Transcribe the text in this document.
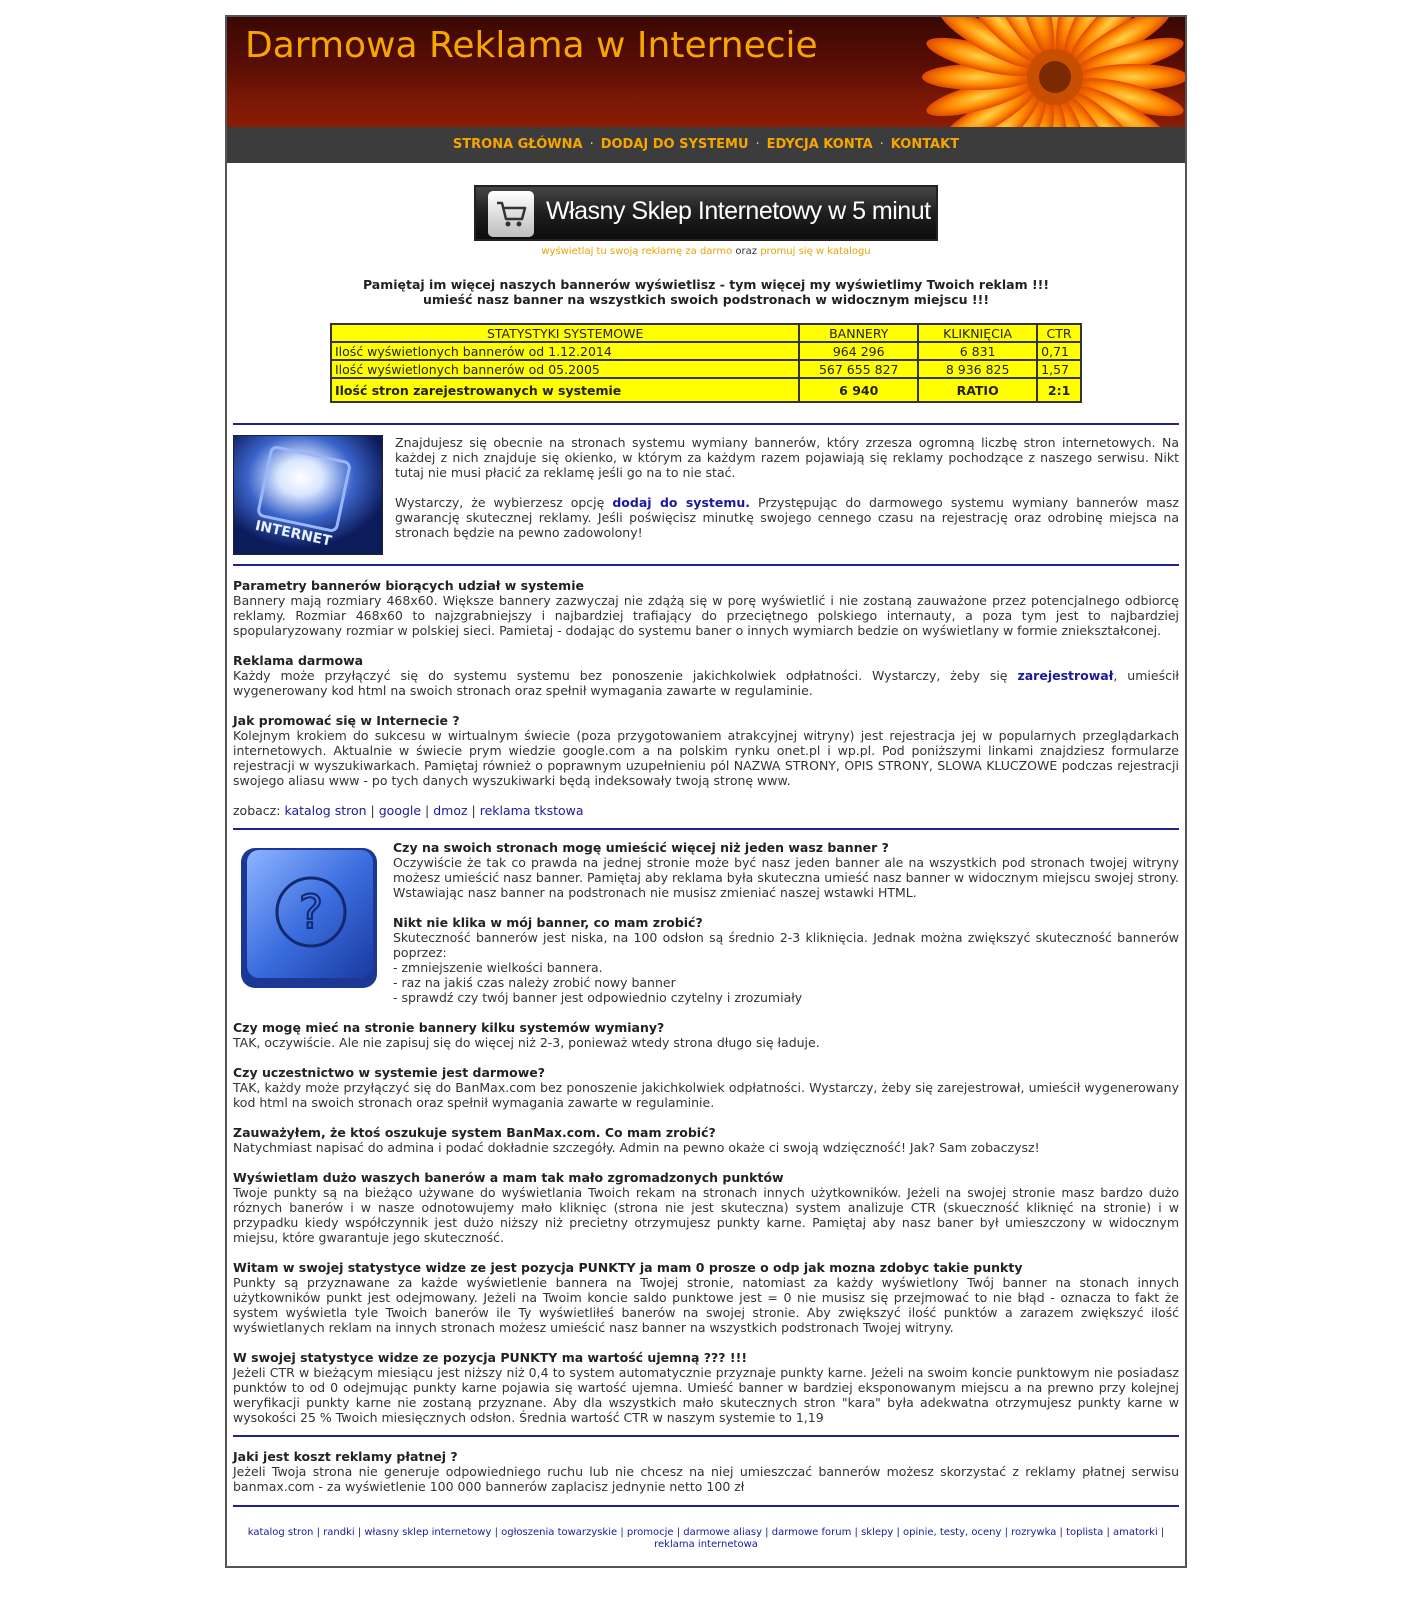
Darmowa Reklama w Internecie
STRONA GŁÓWNA · DODAJ DO SYSTEMU · EDYCJA KONTA · KONTAKT
Własny Sklep Internetowy w 5 minut
wyświetlaj tu swoją reklamę za darmo oraz promuj się w katalogu
Pamiętaj im więcej naszych bannerów wyświetlisz - tym więcej my wyświetlimy Twoich reklam !!!
umieść nasz banner na wszystkich swoich podstronach w widocznym miejscu !!!
STATYSTYKI SYSTEMOWE	BANNERY	KLIKNIĘCIA	CTR
Ilość wyświetlonych bannerów od 1.12.2014	964 296	6 831	0,71
Ilość wyświetlonych bannerów od 05.2005	567 655 827	8 936 825	1,57
Ilość stron zarejestrowanych w systemie	6 940	RATIO	2:1
INTERNET
Znajdujesz się obecnie na stronach systemu wymiany bannerów, który zrzesza ogromną liczbę stron internetowych. Na każdej z nich znajduje się okienko, w którym za każdym razem pojawiają się reklamy pochodzące z naszego serwisu. Nikt tutaj nie musi płacić za reklamę jeśli go na to nie stać.
Wystarczy, że wybierzesz opcję dodaj do systemu. Przystępując do darmowego systemu wymiany bannerów masz gwarancję skutecznej reklamy. Jeśli poświęcisz minutkę swojego cennego czasu na rejestrację oraz odrobinę miejsca na stronach będzie na pewno zadowolony!
Parametry bannerów biorących udział w systemie
Bannery mają rozmiary 468x60. Większe bannery zazwyczaj nie zdążą się w porę wyświetlić i nie zostaną zauważone przez potencjalnego odbiorcę reklamy. Rozmiar 468x60 to najzgrabniejszy i najbardziej trafiający do przeciętnego polskiego internauty, a poza tym jest to najbardziej spopularyzowany rozmiar w polskiej sieci. Pamietaj - dodając do systemu baner o innych wymiarch bedzie on wyświetlany w formie zniekształconej.
Reklama darmowa
Każdy może przyłączyć się do systemu systemu bez ponoszenie jakichkolwiek odpłatności. Wystarczy, żeby się zarejestrował, umieścił wygenerowany kod html na swoich stronach oraz spełnił wymagania zawarte w regulaminie.
Jak promować się w Internecie ?
Kolejnym krokiem do sukcesu w wirtualnym świecie (poza przygotowaniem atrakcyjnej witryny) jest rejestracja jej w popularnych przeglądarkach internetowych. Aktualnie w świecie prym wiedzie google.com a na polskim rynku onet.pl i wp.pl. Pod poniższymi linkami znajdziesz formularze rejestracji w wyszukiwarkach. Pamiętaj również o poprawnym uzupełnieniu pól NAZWA STRONY, OPIS STRONY, SLOWA KLUCZOWE podczas rejestracji swojego aliasu www - po tych danych wyszukiwarki będą indeksowały twoją stronę www.
zobacz: katalog stron | google | dmoz | reklama tkstowa
?
Czy na swoich stronach mogę umieścić więcej niż jeden wasz banner ?
Oczywiście że tak co prawda na jednej stronie może być nasz jeden banner ale na wszystkich pod stronach twojej witryny możesz umieścić nasz banner. Pamiętaj aby reklama była skuteczna umieść nasz banner w widocznym miejscu swojej strony. Wstawiając nasz banner na podstronach nie musisz zmieniać naszej wstawki HTML.
Nikt nie klika w mój banner, co mam zrobić?
Skuteczność bannerów jest niska, na 100 odsłon są średnio 2-3 kliknięcia. Jednak można zwiększyć skuteczność bannerów poprzez:
- zmniejszenie wielkości bannera.
- raz na jakiś czas należy zrobić nowy banner
- sprawdź czy twój banner jest odpowiednio czytelny i zrozumiały
Czy mogę mieć na stronie bannery kilku systemów wymiany?
TAK, oczywiście. Ale nie zapisuj się do więcej niż 2-3, ponieważ wtedy strona długo się ładuje.
Czy uczestnictwo w systemie jest darmowe?
TAK, każdy może przyłączyć się do BanMax.com bez ponoszenie jakichkolwiek odpłatności. Wystarczy, żeby się zarejestrował, umieścił wygenerowany kod html na swoich stronach oraz spełnił wymagania zawarte w regulaminie.
Zauważyłem, że ktoś oszukuje system BanMax.com. Co mam zrobić?
Natychmiast napisać do admina i podać dokładnie szczegóły. Admin na pewno okaże ci swoją wdzięczność! Jak? Sam zobaczysz!
Wyświetlam dużo waszych banerów a mam tak mało zgromadzonych punktów
Twoje punkty są na bieżąco używane do wyświetlania Twoich rekam na stronach innych użytkowników. Jeżeli na swojej stronie masz bardzo dużo róznych banerów i w nasze odnotowujemy mało kliknięc (strona nie jest skuteczna) system analizuje CTR (skueczność kliknięć na stronie) i w przypadku kiedy współczynnik jest dużo niższy niż precietny otrzymujesz punkty karne. Pamiętaj aby nasz baner był umieszczony w widocznym miejsu, które gwarantuje jego skuteczność.
Witam w swojej statystyce widze ze jest pozycja PUNKTY ja mam 0 prosze o odp jak mozna zdobyc takie punkty
Punkty są przyznawane za każde wyświetlenie bannera na Twojej stronie, natomiast za każdy wyświetlony Twój banner na stonach innych użytkowników punkt jest odejmowany. Jeżeli na Twoim koncie saldo punktowe jest = 0 nie musisz się przejmować to nie błąd - oznacza to fakt że system wyświetla tyle Twoich banerów ile Ty wyświetliłeś banerów na swojej stronie. Aby zwiększyć ilość punktów a zarazem zwiększyć ilość wyświetlanych reklam na innych stronach możesz umieścić nasz banner na wszystkich podstronach Twojej witryny.
W swojej statystyce widze ze pozycja PUNKTY ma wartość ujemną ??? !!!
Jeżeli CTR w bieżącym miesiącu jest niższy niż 0,4 to system automatycznie przyznaje punkty karne. Jeżeli na swoim koncie punktowym nie posiadasz punktów to od 0 odejmując punkty karne pojawia się wartość ujemna. Umieść banner w bardziej eksponowanym miejscu a na prewno przy kolejnej weryfikacji punkty karne nie zostaną przyznane. Aby dla wszystkich mało skutecznych stron "kara" była adekwatna otrzymujesz punkty karne w wysokości 25 % Twoich miesięcznych odsłon. Średnia wartość CTR w naszym systemie to 1,19
Jaki jest koszt reklamy płatnej ?
Jeżeli Twoja strona nie generuje odpowiedniego ruchu lub nie chcesz na niej umieszczać bannerów możesz skorzystać z reklamy płatnej serwisu banmax.com - za wyświetlenie 100 000 bannerów zaplacisz jednynie netto 100 zł
katalog stron | randki | własny sklep internetowy | ogłoszenia towarzyskie | promocje | darmowe aliasy | darmowe forum | sklepy | opinie, testy, oceny | rozrywka | toplista | amatorki | reklama internetowa
